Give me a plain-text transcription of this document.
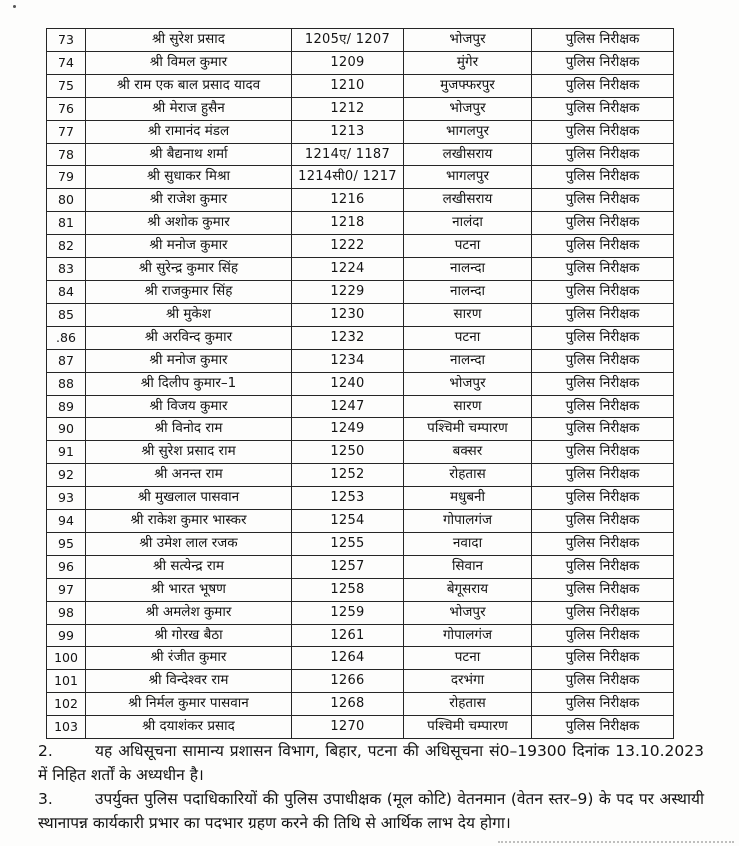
73	श्री सुरेश प्रसाद	1205ए/ 1207	भोजपुर	पुलिस निरीक्षक
74	श्री विमल कुमार	1209	मुंगेर	पुलिस निरीक्षक
75	श्री राम एक बाल प्रसाद यादव	1210	मुजफ्फरपुर	पुलिस निरीक्षक
76	श्री मेराज हुसैन	1212	भोजपुर	पुलिस निरीक्षक
77	श्री रामानंद मंडल	1213	भागलपुर	पुलिस निरीक्षक
78	श्री बैद्यनाथ शर्मा	1214ए/ 1187	लखीसराय	पुलिस निरीक्षक
79	श्री सुधाकर मिश्रा	1214सी0/ 1217	भागलपुर	पुलिस निरीक्षक
80	श्री राजेश कुमार	1216	लखीसराय	पुलिस निरीक्षक
81	श्री अशोक कुमार	1218	नालंदा	पुलिस निरीक्षक
82	श्री मनोज कुमार	1222	पटना	पुलिस निरीक्षक
83	श्री सुरेन्द्र कुमार सिंह	1224	नालन्दा	पुलिस निरीक्षक
84	श्री राजकुमार सिंह	1229	नालन्दा	पुलिस निरीक्षक
85	श्री मुकेश	1230	सारण	पुलिस निरीक्षक
.86	श्री अरविन्द कुमार	1232	पटना	पुलिस निरीक्षक
87	श्री मनोज कुमार	1234	नालन्दा	पुलिस निरीक्षक
88	श्री दिलीप कुमार–1	1240	भोजपुर	पुलिस निरीक्षक
89	श्री विजय कुमार	1247	सारण	पुलिस निरीक्षक
90	श्री विनोद राम	1249	पश्चिमी चम्पारण	पुलिस निरीक्षक
91	श्री सुरेश प्रसाद राम	1250	बक्सर	पुलिस निरीक्षक
92	श्री अनन्त राम	1252	रोहतास	पुलिस निरीक्षक
93	श्री मुखलाल पासवान	1253	मधुबनी	पुलिस निरीक्षक
94	श्री राकेश कुमार भास्कर	1254	गोपालगंज	पुलिस निरीक्षक
95	श्री उमेश लाल रजक	1255	नवादा	पुलिस निरीक्षक
96	श्री सत्येन्द्र राम	1257	सिवान	पुलिस निरीक्षक
97	श्री भारत भूषण	1258	बेगूसराय	पुलिस निरीक्षक
98	श्री अमलेश कुमार	1259	भोजपुर	पुलिस निरीक्षक
99	श्री गोरख बैठा	1261	गोपालगंज	पुलिस निरीक्षक
100	श्री रंजीत कुमार	1264	पटना	पुलिस निरीक्षक
101	श्री विन्देश्वर राम	1266	दरभंगा	पुलिस निरीक्षक
102	श्री निर्मल कुमार पासवान	1268	रोहतास	पुलिस निरीक्षक
103	श्री दयाशंकर प्रसाद	1270	पश्चिमी चम्पारण	पुलिस निरीक्षक

2.	यह अधिसूचना सामान्य प्रशासन विभाग, बिहार, पटना की अधिसूचना सं0–19300 दिनांक 13.10.2023 में निहित शर्तों के अध्यधीन है।

3.	उपर्युक्त पुलिस पदाधिकारियों की पुलिस उपाधीक्षक (मूल कोटि) वेतनमान (वेतन स्तर–9) के पद पर अस्थायी स्थानापन्न कार्यकारी प्रभार का पदभार ग्रहण करने की तिथि से आर्थिक लाभ देय होगा।
